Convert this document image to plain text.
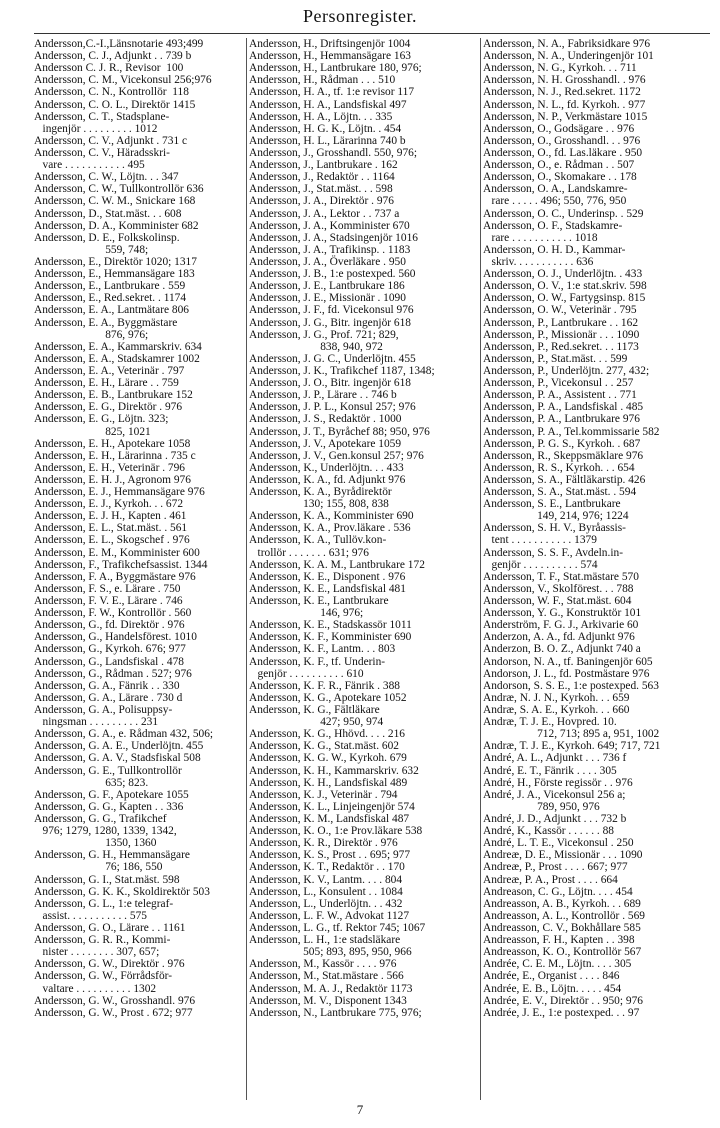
Personregister.
Andersson,C.-I.,Länsnotarie 493;499
Andersson, C. J., Adjunkt . . 739 b
Andersson C. J. R., Revisor  100
Andersson, C. M., Vicekonsul 256;976
Andersson, C. N., Kontrollör  118
Andersson, C. O. L., Direktör 1415
Andersson, C. T., Stadsplane-
ingenjör . . . . . . . . . 1012
Andersson, C. V., Adjunkt . 731 c
Andersson, C. V., Häradsskri-
vare . . . . . . . . . . . 495
Andersson, C. W., Löjtn. . . 347
Andersson, C. W., Tullkontrollör 636
Andersson, C. W. M., Snickare 168
Andersson, D., Stat.mäst. . . 608
Andersson, D. A., Komminister 682
Andersson, D. E., Folkskolinsp.
559, 748;
Andersson, E., Direktör 1020; 1317
Andersson, E., Hemmansägare 183
Andersson, E., Lantbrukare . 559
Andersson, E., Red.sekret. . 1174
Andersson, E. A., Lantmätare 806
Andersson, E. A., Byggmästare
876, 976;
Andersson, E. A., Kammarskriv. 634
Andersson, E. A., Stadskamrer 1002
Andersson, E. A., Veterinär . 797
Andersson, E. H., Lärare . . 759
Andersson, E. B., Lantbrukare 152
Andersson, E. G., Direktör . 976
Andersson, E. G., Löjtn. 323;
825, 1021
Andersson, E. H., Apotekare 1058
Andersson, E. H., Lärarinna . 735 c
Andersson, E. H., Veterinär . 796
Andersson, E. H. J., Agronom 976
Andersson, E. J., Hemmansägare 976
Andersson, E. J., Kyrkoh. . . 672
Andersson, E. J. H., Kapten . 461
Andersson, E. L., Stat.mäst. . 561
Andersson, E. L., Skogschef . 976
Andersson, E. M., Komminister 600
Andersson, F., Trafikchefsassist. 1344
Andersson, F. A., Byggmästare 976
Andersson, F. S., e. Lärare . 750
Andersson, F. V. E., Lärare . 746
Andersson, F. W., Kontrollör . 560
Andersson, G., fd. Direktör . 976
Andersson, G., Handelsförest. 1010
Andersson, G., Kyrkoh. 676; 977
Andersson, G., Landsfiskal . 478
Andersson, G., Rådman . 527; 976
Andersson, G. A., Fänrik . . 330
Andersson, G. A., Lärare . 730 d
Andersson, G. A., Polisuppsy-
ningsman . . . . . . . . . 231
Andersson, G. A., e. Rådman 432, 506;
Andersson, G. A. E., Underlöjtn. 455
Andersson, G. A. V., Stadsfiskal 508
Andersson, G. E., Tullkontrollör
635; 823.
Andersson, G. F., Apotekare 1055
Andersson, G. G., Kapten . . 336
Andersson, G. G., Trafikchef
976; 1279, 1280, 1339, 1342,
1350, 1360
Andersson, G. H., Hemmansägare
76; 186, 550
Andersson, G. I., Stat.mäst. 598
Andersson, G. K. K., Skoldirektör 503
Andersson, G. L., 1:e telegraf-
assist. . . . . . . . . . . 575
Andersson, G. O., Lärare . . 1161
Andersson, G. R. R., Kommi-
nister . . . . . . . . 307, 657;
Andersson, G. W., Direktör . 976
Andersson, G. W., Förrådsför-
valtare . . . . . . . . . . 1302
Andersson, G. W., Grosshandl. 976
Andersson, G. W., Prost . 672; 977
Andersson, H., Driftsingenjör 1004
Andersson, H., Hemmansägare 163
Andersson, H., Lantbrukare 180, 976;
Andersson, H., Rådman . . . 510
Andersson, H. A., tf. 1:e revisor 117
Andersson, H. A., Landsfiskal 497
Andersson, H. A., Löjtn. . . 335
Andersson, H. G. K., Löjtn. . 454
Andersson, H. L., Lärarinna 740 b
Andersson, J., Grosshandl. 550, 976;
Andersson, J., Lantbrukare . 162
Andersson, J., Redaktör . . 1164
Andersson, J., Stat.mäst. . . 598
Andersson, J. A., Direktör . 976
Andersson, J. A., Lektor . . 737 a
Andersson, J. A., Komminister 670
Andersson, J. A., Stadsingenjör 1016
Andersson, J. A., Trafikinsp. . 1183
Andersson, J. A., Överläkare . 950
Andersson, J. B., 1:e postexped. 560
Andersson, J. E., Lantbrukare 186
Andersson, J. E., Missionär . 1090
Andersson, J. F., fd. Vicekonsul 976
Andersson, J. G., Bitr. ingenjör 618
Andersson, J. G., Prof. 721; 829,
838, 940, 972
Andersson, J. G. C., Underlöjtn. 455
Andersson, J. K., Trafikchef 1187, 1348;
Andersson, J. O., Bitr. ingenjör 618
Andersson, J. P., Lärare . . 746 b
Andersson, J. P. L., Konsul 257; 976
Andersson, J. S., Redaktör . 1000
Andersson, J. T., Byråchef 88; 950, 976
Andersson, J. V., Apotekare 1059
Andersson, J. V., Gen.konsul 257; 976
Andersson, K., Underlöjtn. . . 433
Andersson, K. A., fd. Adjunkt 976
Andersson, K. A., Byrådirektör
130; 155, 808, 838
Andersson, K. A., Komminister 690
Andersson, K. A., Prov.läkare . 536
Andersson, K. A., Tullöv.kon-
trollör . . . . . . . 631; 976
Andersson, K. A. M., Lantbrukare 172
Andersson, K. E., Disponent . 976
Andersson, K. E., Landsfiskal 481
Andersson, K. E., Lantbrukare
146, 976;
Andersson, K. E., Stadskassör 1011
Andersson, K. F., Komminister 690
Andersson, K. F., Lantm. . . 803
Andersson, K. F., tf. Underin-
genjör . . . . . . . . . . 610
Andersson, K. F. R., Fänrik . 388
Andersson, K. G., Apotekare 1052
Andersson, K. G., Fältläkare
427; 950, 974
Andersson, K. G., Hhövd. . . . 216
Andersson, K. G., Stat.mäst. 602
Andersson, K. G. W., Kyrkoh. 679
Andersson, K. H., Kammarskriv. 632
Andersson, K. H., Landsfiskal 489
Andersson, K. J., Veterinär . 794
Andersson, K. L., Linjeingenjör 574
Andersson, K. M., Landsfiskal 487
Andersson, K. O., 1:e Prov.läkare 538
Andersson, K. R., Direktör . 976
Andersson, K. S., Prost . . 695; 977
Andersson, K. T., Redaktör . . 170
Andersson, K. V., Lantm. . . . 804
Andersson, L., Konsulent . . 1084
Andersson, L., Underlöjtn. . . 432
Andersson, L. F. W., Advokat 1127
Andersson, L. G., tf. Rektor 745; 1067
Andersson, L. H., 1:e stadsläkare
505; 893, 895, 950, 966
Andersson, M., Kassör . . . . 976
Andersson, M., Stat.mästare . 566
Andersson, M. A. J., Redaktör 1173
Andersson, M. V., Disponent 1343
Andersson, N., Lantbrukare 775, 976;
Andersson, N. A., Fabriksidkare 976
Andersson, N. A., Underingenjör 101
Andersson, N. G., Kyrkoh. . . 711
Andersson, N. H. Grosshandl. . 976
Andersson, N. J., Red.sekret. 1172
Andersson, N. L., fd. Kyrkoh. . 977
Andersson, N. P., Verkmästare 1015
Andersson, O., Godsägare . . 976
Andersson, O., Grosshandl. . . 976
Andersson, O., fd. Las.läkare . 950
Andersson, O., e. Rådman . . 507
Andersson, O., Skomakare . . 178
Andersson, O. A., Landskamre-
rare . . . . . 496; 550, 776, 950
Andersson, O. C., Underinsp. . 529
Andersson, O. F., Stadskamre-
rare . . . . . . . . . . . 1018
Andersson, O. H. D., Kammar-
skriv. . . . . . . . . . . 636
Andersson, O. J., Underlöjtn. . 433
Andersson, O. V., 1:e stat.skriv. 598
Andersson, O. W., Fartygsinsp. 815
Andersson, O. W., Veterinär . 795
Andersson, P., Lantbrukare . . 162
Andersson, P., Missionär . . . 1090
Andersson, P., Red.sekret. . . 1173
Andersson, P., Stat.mäst. . . 599
Andersson, P., Underlöjtn. 277, 432;
Andersson, P., Vicekonsul . . 257
Andersson, P. A., Assistent . . 771
Andersson, P. A., Landsfiskal . 485
Andersson, P. A., Lantbrukare 976
Andersson, P. A., Tel.kommissarie 582
Andersson, P. G. S., Kyrkoh. . 687
Andersson, R., Skeppsmäklare 976
Andersson, R. S., Kyrkoh. . . 654
Andersson, S. A., Fältläkarstip. 426
Andersson, S. A., Stat.mäst. . 594
Andersson, S. E., Lantbrukare
149, 214, 976; 1224
Andersson, S. H. V., Byråassis-
tent . . . . . . . . . . . 1379
Andersson, S. S. F., Avdeln.in-
genjör . . . . . . . . . . 574
Andersson, T. F., Stat.mästare 570
Andersson, V., Skolförest. . . 788
Andersson, W. F., Stat.mäst. 604
Andersson, Y. G., Konstruktör 101
Anderström, F. G. J., Arkivarie 60
Anderzon, A. A., fd. Adjunkt 976
Anderzon, B. O. Z., Adjunkt 740 a
Andorson, N. A., tf. Baningenjör 605
Andorson, J. L., fd. Postmästare 976
Andorson, S. S. E., 1:e postexped. 563
Andræ, N. J. N., Kyrkoh. . . 659
Andræ, S. A. E., Kyrkoh. . . 660
Andræ, T. J. E., Hovpred. 10.
712, 713; 895 a, 951, 1002
Andræ, T. J. E., Kyrkoh. 649; 717, 721
André, A. L., Adjunkt . . . 736 f
André, E. T., Fänrik . . . . 305
André, H., Förste regissör . . 976
André, J. A., Vicekonsul 256 a;
789, 950, 976
André, J. D., Adjunkt . . . 732 b
André, K., Kassör . . . . . . 88
André, L. T. E., Vicekonsul . 250
Andreæ, D. E., Missionär . . . 1090
Andreæ, P., Prost . . . . 667; 977
Andreæ, P. A., Prost . . . . 664
Andreason, C. G., Löjtn. . . . 454
Andreasson, A. B., Kyrkoh. . . 689
Andreasson, A. L., Kontrollör . 569
Andreasson, C. V., Bokhållare 585
Andreasson, F. H., Kapten . . 398
Andreasson, K. O., Kontrollör 567
Andrée, C. E. M., Löjtn. . . . 305
Andrée, E., Organist . . . . 846
Andrée, E. B., Löjtn. . . . . 454
Andrée, E. V., Direktör . . 950; 976
Andrée, J. E., 1:e postexped. . . 97
7
